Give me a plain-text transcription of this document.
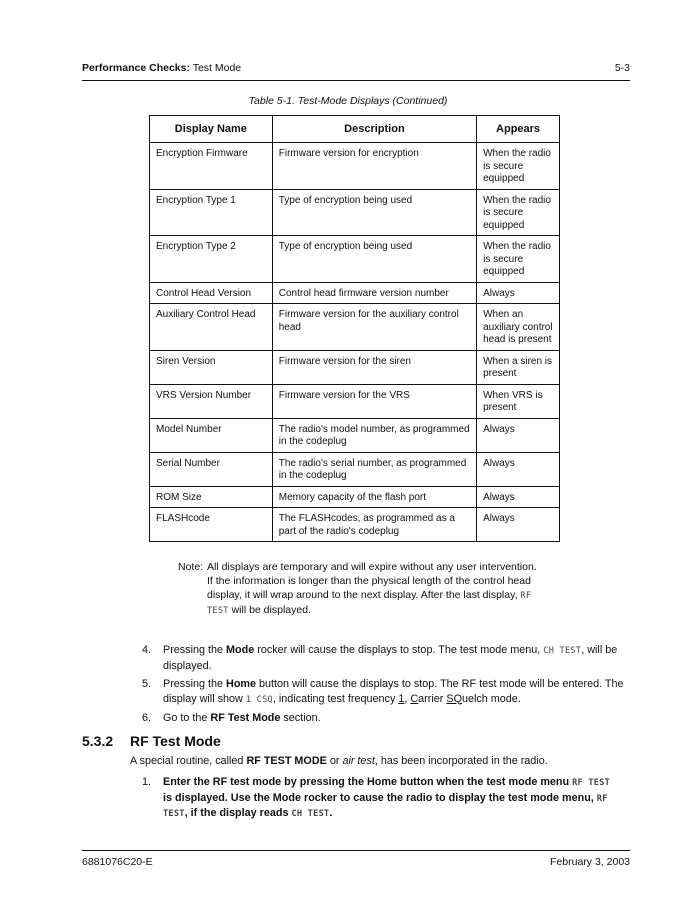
Performance Checks: Test Mode	5-3
Table 5-1. Test-Mode Displays (Continued)
Display Name	Description	Appears
Encryption Firmware	Firmware version for encryption	When the radio is secure equipped
Encryption Type 1	Type of encryption being used	When the radio is secure equipped
Encryption Type 2	Type of encryption being used	When the radio is secure equipped
Control Head Version	Control head firmware version number	Always
Auxiliary Control Head	Firmware version for the auxiliary control head	When an auxiliary control head is present
Siren Version	Firmware version for the siren	When a siren is present
VRS Version Number	Firmware version for the VRS	When VRS is present
Model Number	The radio's model number, as programmed in the codeplug	Always
Serial Number	The radio's serial number, as programmed in the codeplug	Always
ROM Size	Memory capacity of the flash port	Always
FLASHcode	The FLASHcodes, as programmed as a part of the radio's codeplug	Always
Note: All displays are temporary and will expire without any user intervention. If the information is longer than the physical length of the control head display, it will wrap around to the next display. After the last display, RF TEST will be displayed.
4.	Pressing the Mode rocker will cause the displays to stop. The test mode menu, CH TEST, will be displayed.
5.	Pressing the Home button will cause the displays to stop. The RF test mode will be entered. The display will show 1 CSQ, indicating test frequency 1, Carrier SQuelch mode.
6.	Go to the RF Test Mode section.
5.3.2 RF Test Mode
A special routine, called RF TEST MODE or air test, has been incorporated in the radio.
1.	Enter the RF test mode by pressing the Home button when the test mode menu RF TEST is displayed. Use the Mode rocker to cause the radio to display the test mode menu, RF TEST, if the display reads CH TEST.
6881076C20-E	February 3, 2003
